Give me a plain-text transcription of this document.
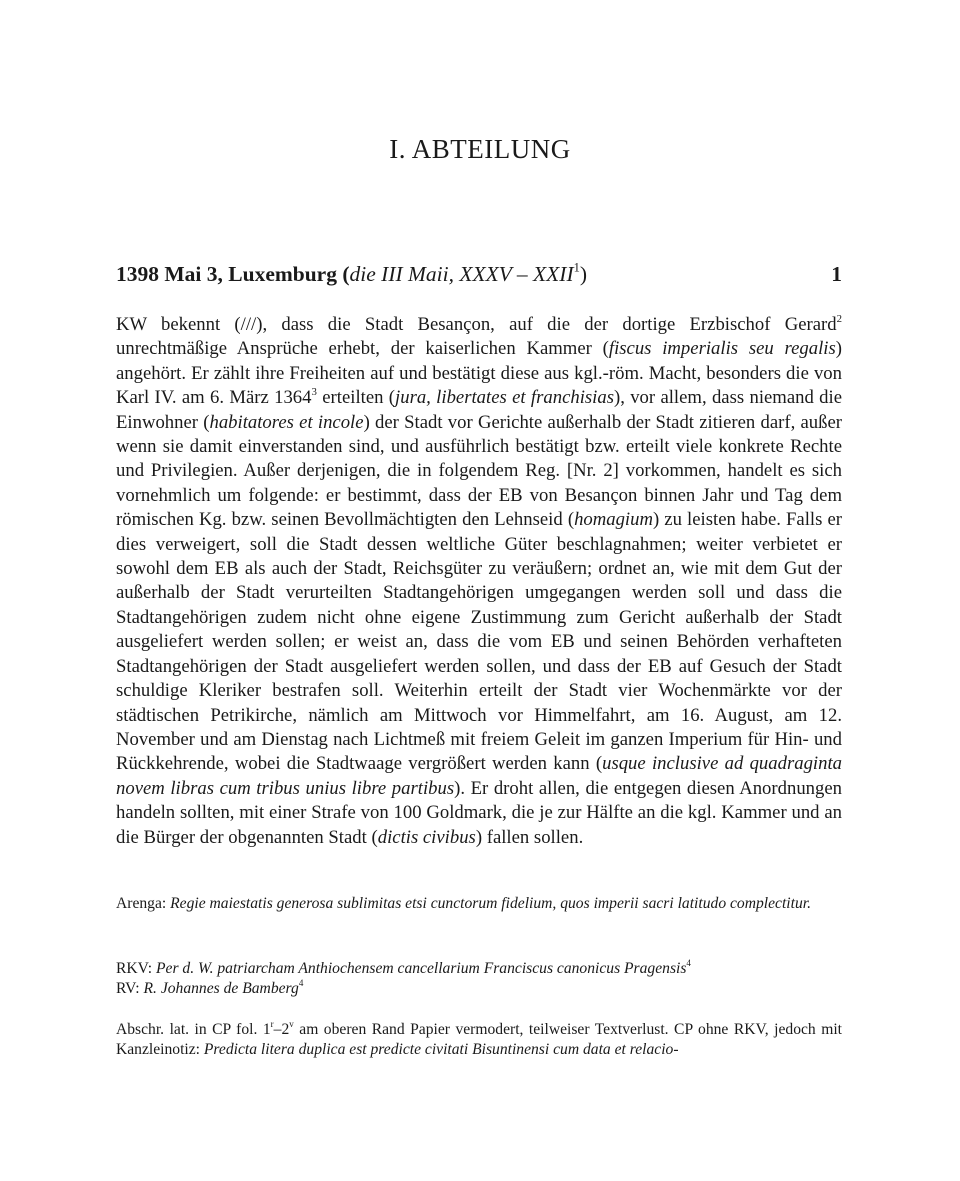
I. ABTEILUNG
1398 Mai 3, Luxemburg (die III Maii, XXXV – XXII$^1$)	1

KW bekennt (///), dass die Stadt Besançon, auf die der dortige Erzbischof Gerard$^2$ unrechtmäßige Ansprüche erhebt, der kaiserlichen Kammer (fiscus imperialis seu regalis) angehört. Er zählt ihre Freiheiten auf und bestätigt diese aus kgl.-röm. Macht, besonders die von Karl IV. am 6. März 1364$^3$ erteilten (jura, libertates et franchisias), vor allem, dass niemand die Einwohner (habitatores et incole) der Stadt vor Gerichte außerhalb der Stadt zitieren darf, außer wenn sie damit einverstanden sind, und ausführlich bestätigt bzw. erteilt viele konkrete Rechte und Privilegien. Außer derjenigen, die in folgendem Reg. [Nr. 2] vorkommen, handelt es sich vornehmlich um folgende: er bestimmt, dass der EB von Besançon binnen Jahr und Tag dem römischen Kg. bzw. seinen Bevollmächtigten den Lehnseid (homagium) zu leisten habe. Falls er dies verweigert, soll die Stadt dessen weltliche Güter beschlagnahmen; weiter verbietet er sowohl dem EB als auch der Stadt, Reichsgüter zu veräußern; ordnet an, wie mit dem Gut der außerhalb der Stadt verurteilten Stadtangehörigen umgegangen werden soll und dass die Stadtangehörigen zudem nicht ohne eigene Zustimmung zum Gericht außerhalb der Stadt ausgeliefert werden sollen; er weist an, dass die vom EB und seinen Behörden verhafteten Stadtangehörigen der Stadt ausgeliefert werden sollen, und dass der EB auf Gesuch der Stadt schuldige Kleriker bestrafen soll. Weiterhin erteilt der Stadt vier Wochenmärkte vor der städtischen Petrikirche, nämlich am Mittwoch vor Himmelfahrt, am 16. August, am 12. November und am Dienstag nach Lichtmeß mit freiem Geleit im ganzen Imperium für Hin- und Rückkehrende, wobei die Stadtwaage vergrößert werden kann (usque inclusive ad quadraginta novem libras cum tribus unius libre partibus). Er droht allen, die entgegen diesen Anordnungen handeln sollten, mit einer Strafe von 100 Goldmark, die je zur Hälfte an die kgl. Kammer und an die Bürger der obgenannten Stadt (dictis civibus) fallen sollen.

Arenga: Regie maiestatis generosa sublimitas etsi cunctorum fidelium, quos imperii sacri latitudo complectitur.

RKV: Per d. W. patriarcham Anthiochensem cancellarium Franciscus canonicus Pragensis$^4$

RV: R. Johannes de Bamberg$^4$

Abschr. lat. in CP fol. 1$^r$–2$^v$ am oberen Rand Papier vermodert, teilweiser Textverlust. CP ohne RKV, jedoch mit Kanzleinotiz: Predicta litera duplica est predicte civitati Bisuntinensi cum data et relacio-
